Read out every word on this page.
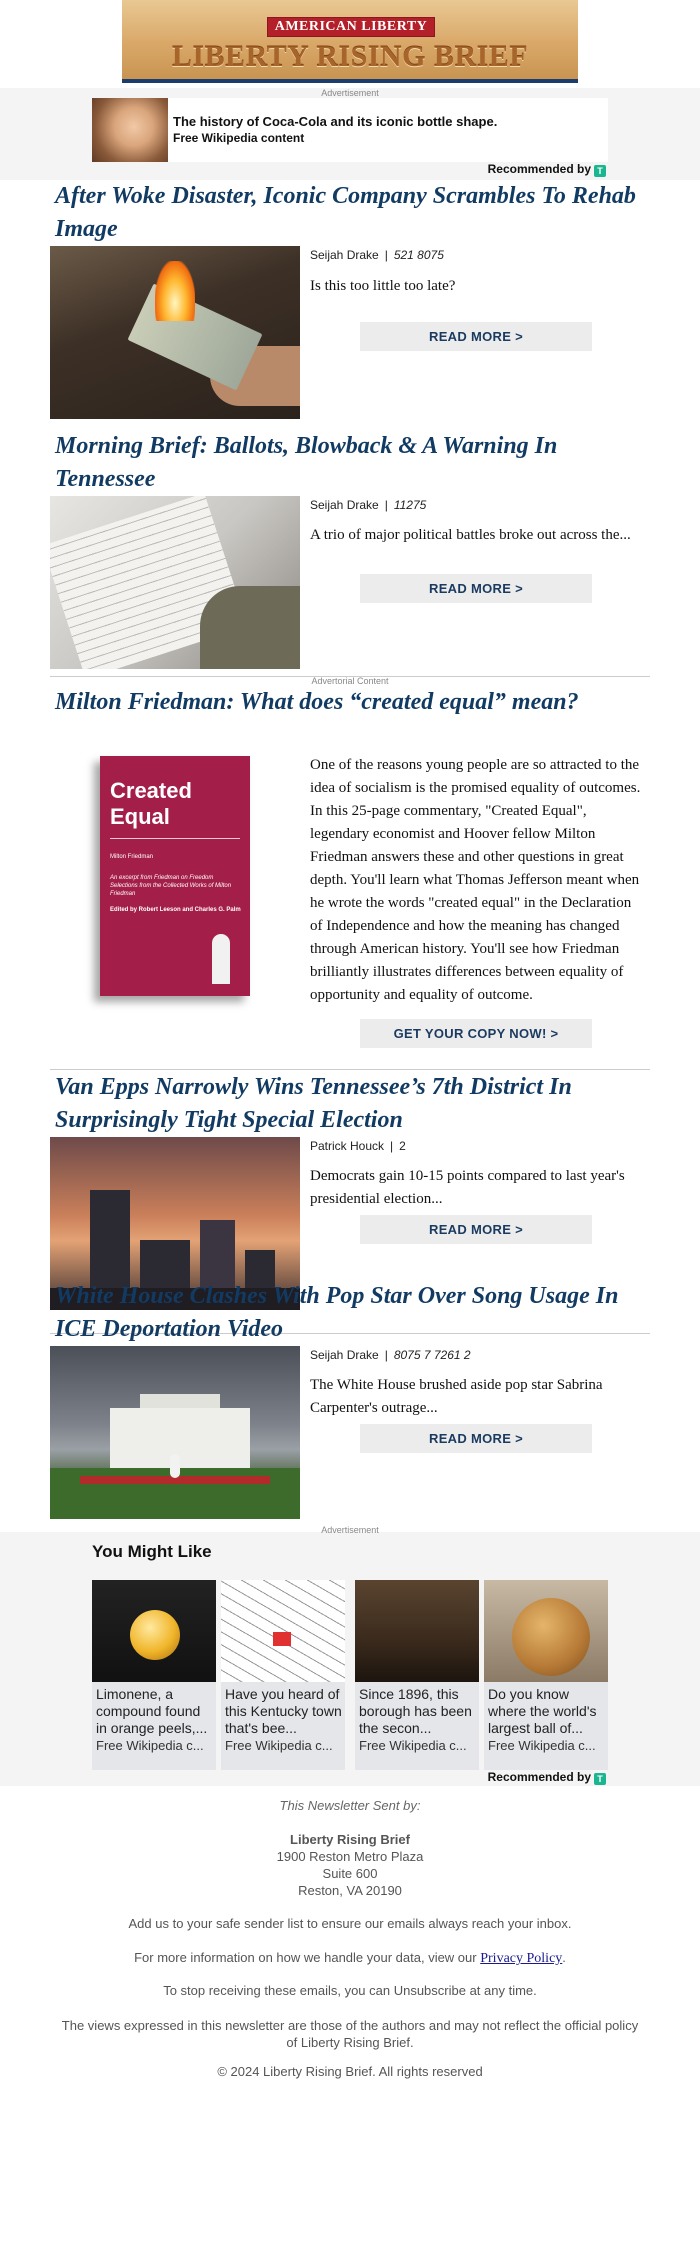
AMERICAN LIBERTY
LIBERTY RISING BRIEF
Advertisement
The history of Coca-Cola and its iconic bottle shape.
Free Wikipedia content
Recommended by T
After Woke Disaster, Iconic Company Scrambles To Rehab Image
Seijah Drake | 521 8075
Is this too little too late?
READ MORE >
Morning Brief: Ballots, Blowback & A Warning In Tennessee
Seijah Drake | 11275
A trio of major political battles broke out across the...
READ MORE >
Advertorial Content
Milton Friedman: What does “created equal” mean?
Created Equal
Milton Friedman
An excerpt from Friedman on Freedom Selections from the Collected Works of Milton Friedman
Edited by Robert Leeson and Charles G. Palm
One of the reasons young people are so attracted to the idea of socialism is the promised equality of outcomes. In this 25-page commentary, "Created Equal", legendary economist and Hoover fellow Milton Friedman answers these and other questions in great depth. You'll learn what Thomas Jefferson meant when he wrote the words "created equal" in the Declaration of Independence and how the meaning has changed through American history. You'll see how Friedman brilliantly illustrates differences between equality of opportunity and equality of outcome.
GET YOUR COPY NOW! >
Van Epps Narrowly Wins Tennessee’s 7th District In Surprisingly Tight Special Election
Patrick Houck | 2
Democrats gain 10-15 points compared to last year's presidential election...
READ MORE >
White House Clashes With Pop Star Over Song Usage In ICE Deportation Video
Seijah Drake | 8075 7 7261 2
The White House brushed aside pop star Sabrina Carpenter's outrage...
READ MORE >
Advertisement
You Might Like
Limonene, a compound found in orange peels,...
Free Wikipedia c...
Have you heard of this Kentucky town that's bee...
Free Wikipedia c...
Since 1896, this borough has been the secon...
Free Wikipedia c...
Do you know where the world's largest ball of...
Free Wikipedia c...
Recommended by T
This Newsletter Sent by:
Liberty Rising Brief
1900 Reston Metro Plaza
Suite 600
Reston, VA 20190
Add us to your safe sender list to ensure our emails always reach your inbox.
For more information on how we handle your data, view our Privacy Policy.
To stop receiving these emails, you can Unsubscribe at any time.
The views expressed in this newsletter are those of the authors and may not reflect the official policy of Liberty Rising Brief.
© 2024 Liberty Rising Brief. All rights reserved
